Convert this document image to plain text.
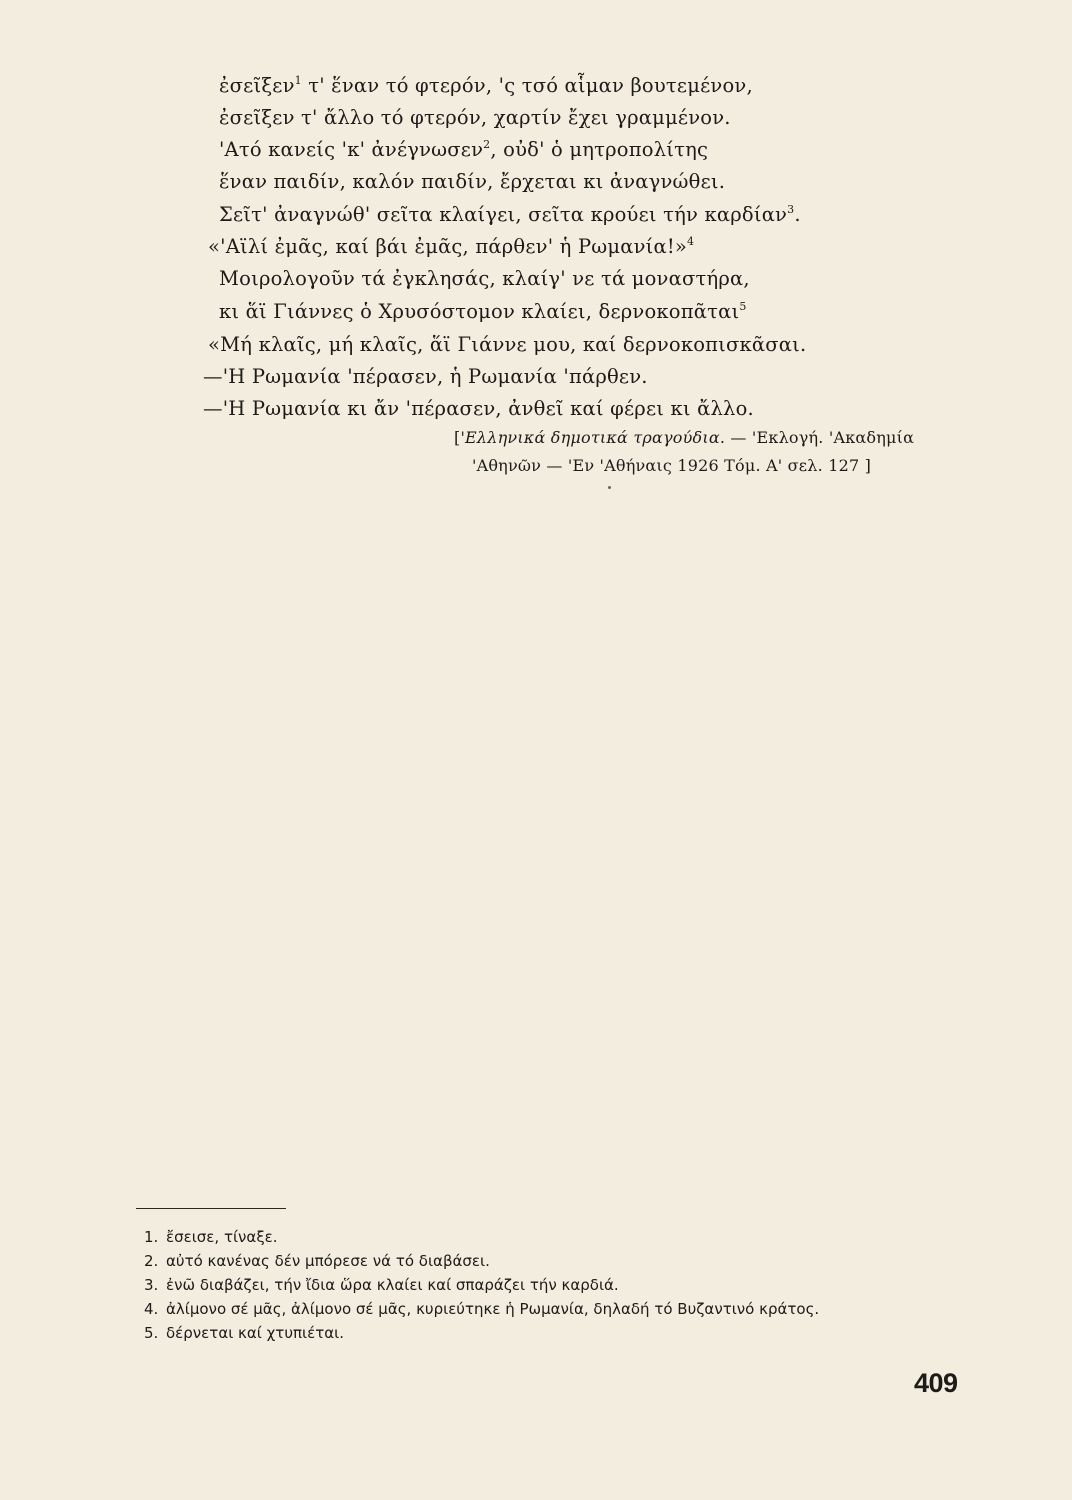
ἐσεῖξεν$^1$ τ' ἕναν τό φτερόν, 'ς τσό αἷμαν βουτεμένον,
ἐσεῖξεν τ' ἄλλο τό φτερόν, χαρτίν ἔχει γραμμένον.
'Ατό κανείς 'κ' ἀνέγνωσεν$^2$, οὐδ' ὁ μητροπολίτης
ἕναν παιδίν, καλόν παιδίν, ἔρχεται κι ἀναγνώθει.
Σεῖτ' ἀναγνώθ' σεῖτα κλαίγει, σεῖτα κρούει τήν καρδίαν$^3$.
«'Αϊλί ἐμᾶς, καί βάι ἐμᾶς, πάρθεν' ἡ Ρωμανία!»$^4$
Μοιρολογοῦν τά ἐγκλησάς, κλαίγ' νε τά μοναστήρα,
κι ἅϊ Γιάννες ὁ Χρυσόστομον κλαίει, δερνοκοπᾶται$^5$
«Μή κλαῖς, μή κλαῖς, ἅϊ Γιάννε μου, καί δερνοκοπισκᾶσαι.
—'Η Ρωμανία 'πέρασεν, ἡ Ρωμανία 'πάρθεν.
—'Η Ρωμανία κι ἄν 'πέρασεν, ἀνθεῖ καί φέρει κι ἄλλο.
['Ελληνικά δημοτικά τραγούδια. — 'Εκλογή. 'Ακαδημία
'Αθηνῶν — 'Εν 'Αθήναις 1926 Τόμ. Α' σελ. 127 ]
1. ἔσεισε, τίναξε.
2. αὐτό κανένας δέν μπόρεσε νά τό διαβάσει.
3. ἐνῶ διαβάζει, τήν ἴδια ὥρα κλαίει καί σπαράζει τήν καρδιά.
4. ἀλίμονο σέ μᾶς, ἀλίμονο σέ μᾶς, κυριεύτηκε ἡ Ρωμανία, δηλαδή τό Βυζαντινό κράτος.
5. δέρνεται καί χτυπιέται.
409
